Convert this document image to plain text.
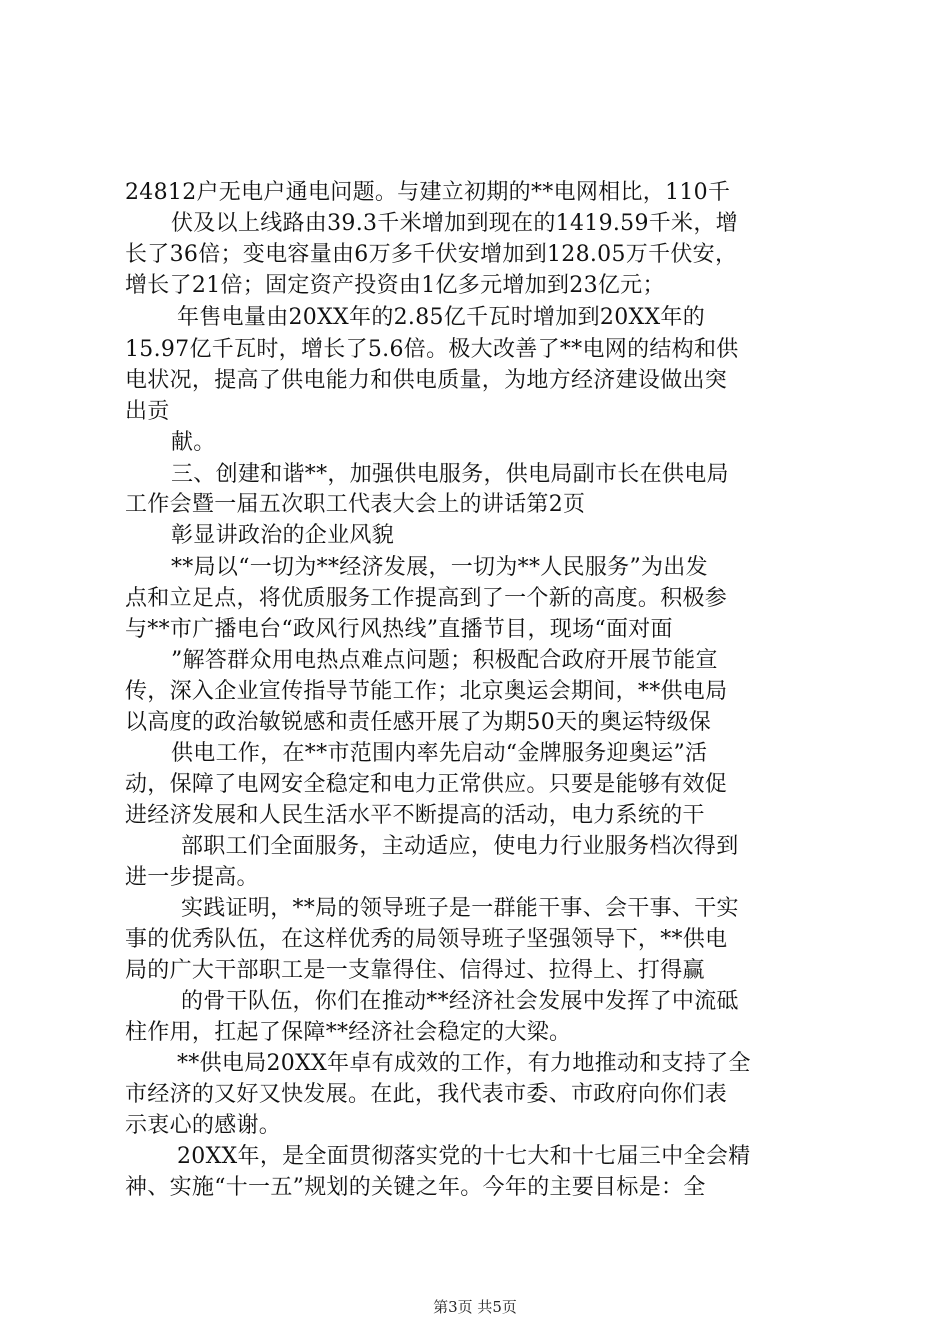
24812户无电户通电问题。与建立初期的**电网相比，110千
伏及以上线路由39.3千米增加到现在的1419.59千米，增
长了36倍；变电容量由6万多千伏安增加到128.05万千伏安，
增长了21倍；固定资产投资由1亿多元增加到23亿元；
年售电量由20XX年的2.85亿千瓦时增加到20XX年的
15.97亿千瓦时，增长了5.6倍。极大改善了**电网的结构和供
电状况，提高了供电能力和供电质量，为地方经济建设做出突
出贡
献。
三、创建和谐**，加强供电服务，供电局副市长在供电局
工作会暨一届五次职工代表大会上的讲话第2页
彰显讲政治的企业风貌
**局以“一切为**经济发展，一切为**人民服务”为出发
点和立足点，将优质服务工作提高到了一个新的高度。积极参
与**市广播电台“政风行风热线”直播节目，现场“面对面
”解答群众用电热点难点问题；积极配合政府开展节能宣
传，深入企业宣传指导节能工作；北京奥运会期间，**供电局
以高度的政治敏锐感和责任感开展了为期50天的奥运特级保
供电工作，在**市范围内率先启动“金牌服务迎奥运”活
动，保障了电网安全稳定和电力正常供应。只要是能够有效促
进经济发展和人民生活水平不断提高的活动，电力系统的干
部职工们全面服务，主动适应，使电力行业服务档次得到
进一步提高。
实践证明，**局的领导班子是一群能干事、会干事、干实
事的优秀队伍，在这样优秀的局领导班子坚强领导下，**供电
局的广大干部职工是一支靠得住、信得过、拉得上、打得赢
的骨干队伍，你们在推动**经济社会发展中发挥了中流砥
柱作用，扛起了保障**经济社会稳定的大梁。
**供电局20XX年卓有成效的工作，有力地推动和支持了全
市经济的又好又快发展。在此，我代表市委、市政府向你们表
示衷心的感谢。
20XX年，是全面贯彻落实党的十七大和十七届三中全会精
神、实施“十一五”规划的关键之年。今年的主要目标是：全
第3页 共5页
